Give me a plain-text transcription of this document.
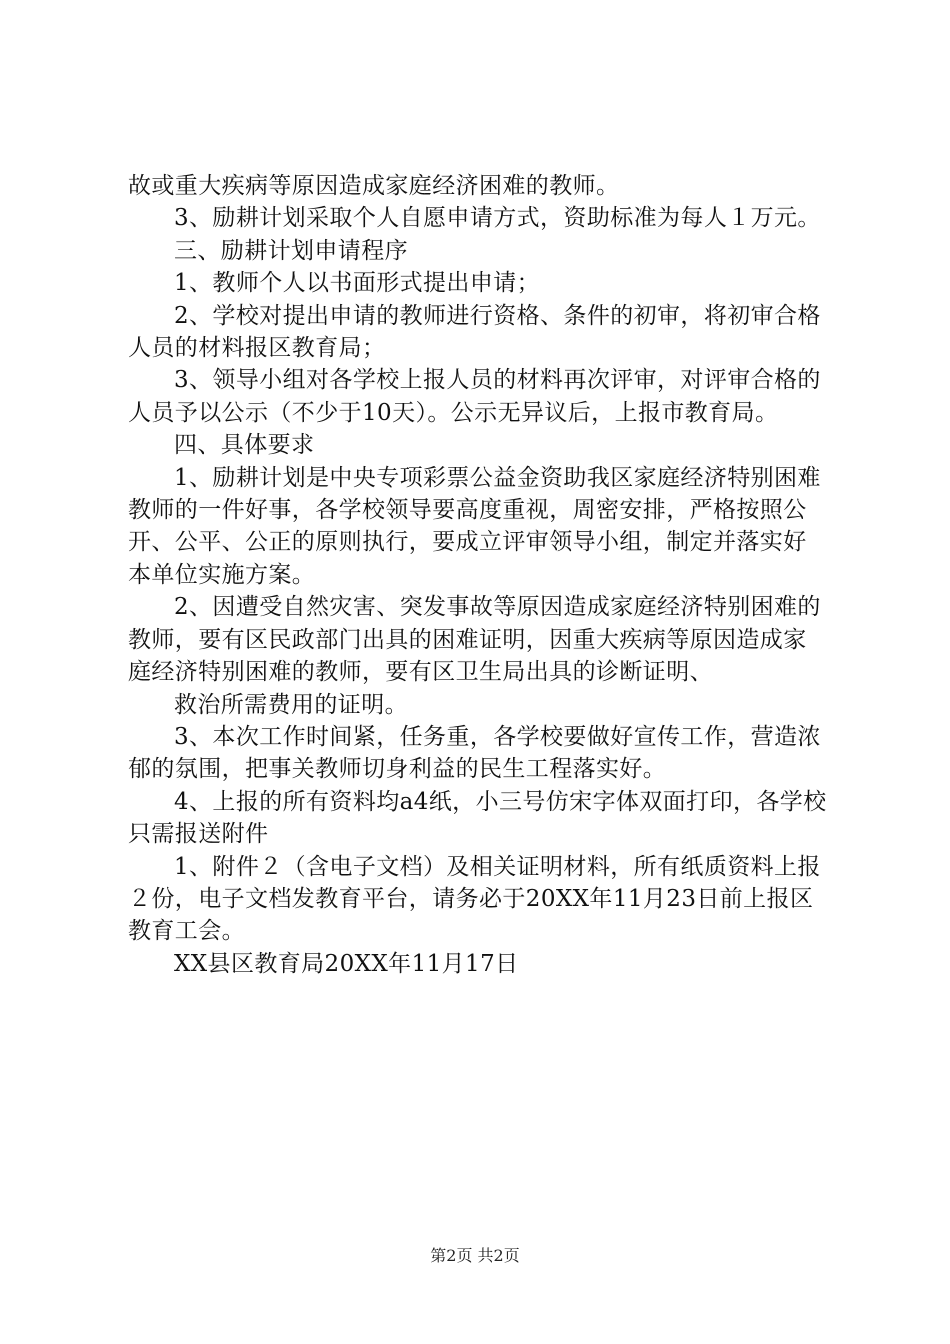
故或重大疾病等原因造成家庭经济困难的教师。

3、励耕计划采取个人自愿申请方式，资助标准为每人１万元。

三、励耕计划申请程序

1、教师个人以书面形式提出申请；

2、学校对提出申请的教师进行资格、条件的初审，将初审合格人员的材料报区教育局；

3、领导小组对各学校上报人员的材料再次评审，对评审合格的人员予以公示（不少于10天）。公示无异议后，上报市教育局。

四、具体要求

1、励耕计划是中央专项彩票公益金资助我区家庭经济特别困难教师的一件好事，各学校领导要高度重视，周密安排，严格按照公开、公平、公正的原则执行，要成立评审领导小组，制定并落实好本单位实施方案。

2、因遭受自然灾害、突发事故等原因造成家庭经济特别困难的教师，要有区民政部门出具的困难证明，因重大疾病等原因造成家庭经济特别困难的教师，要有区卫生局出具的诊断证明、

救治所需费用的证明。

3、本次工作时间紧，任务重，各学校要做好宣传工作，营造浓郁的氛围，把事关教师切身利益的民生工程落实好。

4、上报的所有资料均a4纸，小三号仿宋字体双面打印，各学校只需报送附件

1、附件２（含电子文档）及相关证明材料，所有纸质资料上报２份，电子文档发教育平台，请务必于20XX年11月23日前上报区教育工会。

XX县区教育局20XX年11月17日

第2页 共2页
